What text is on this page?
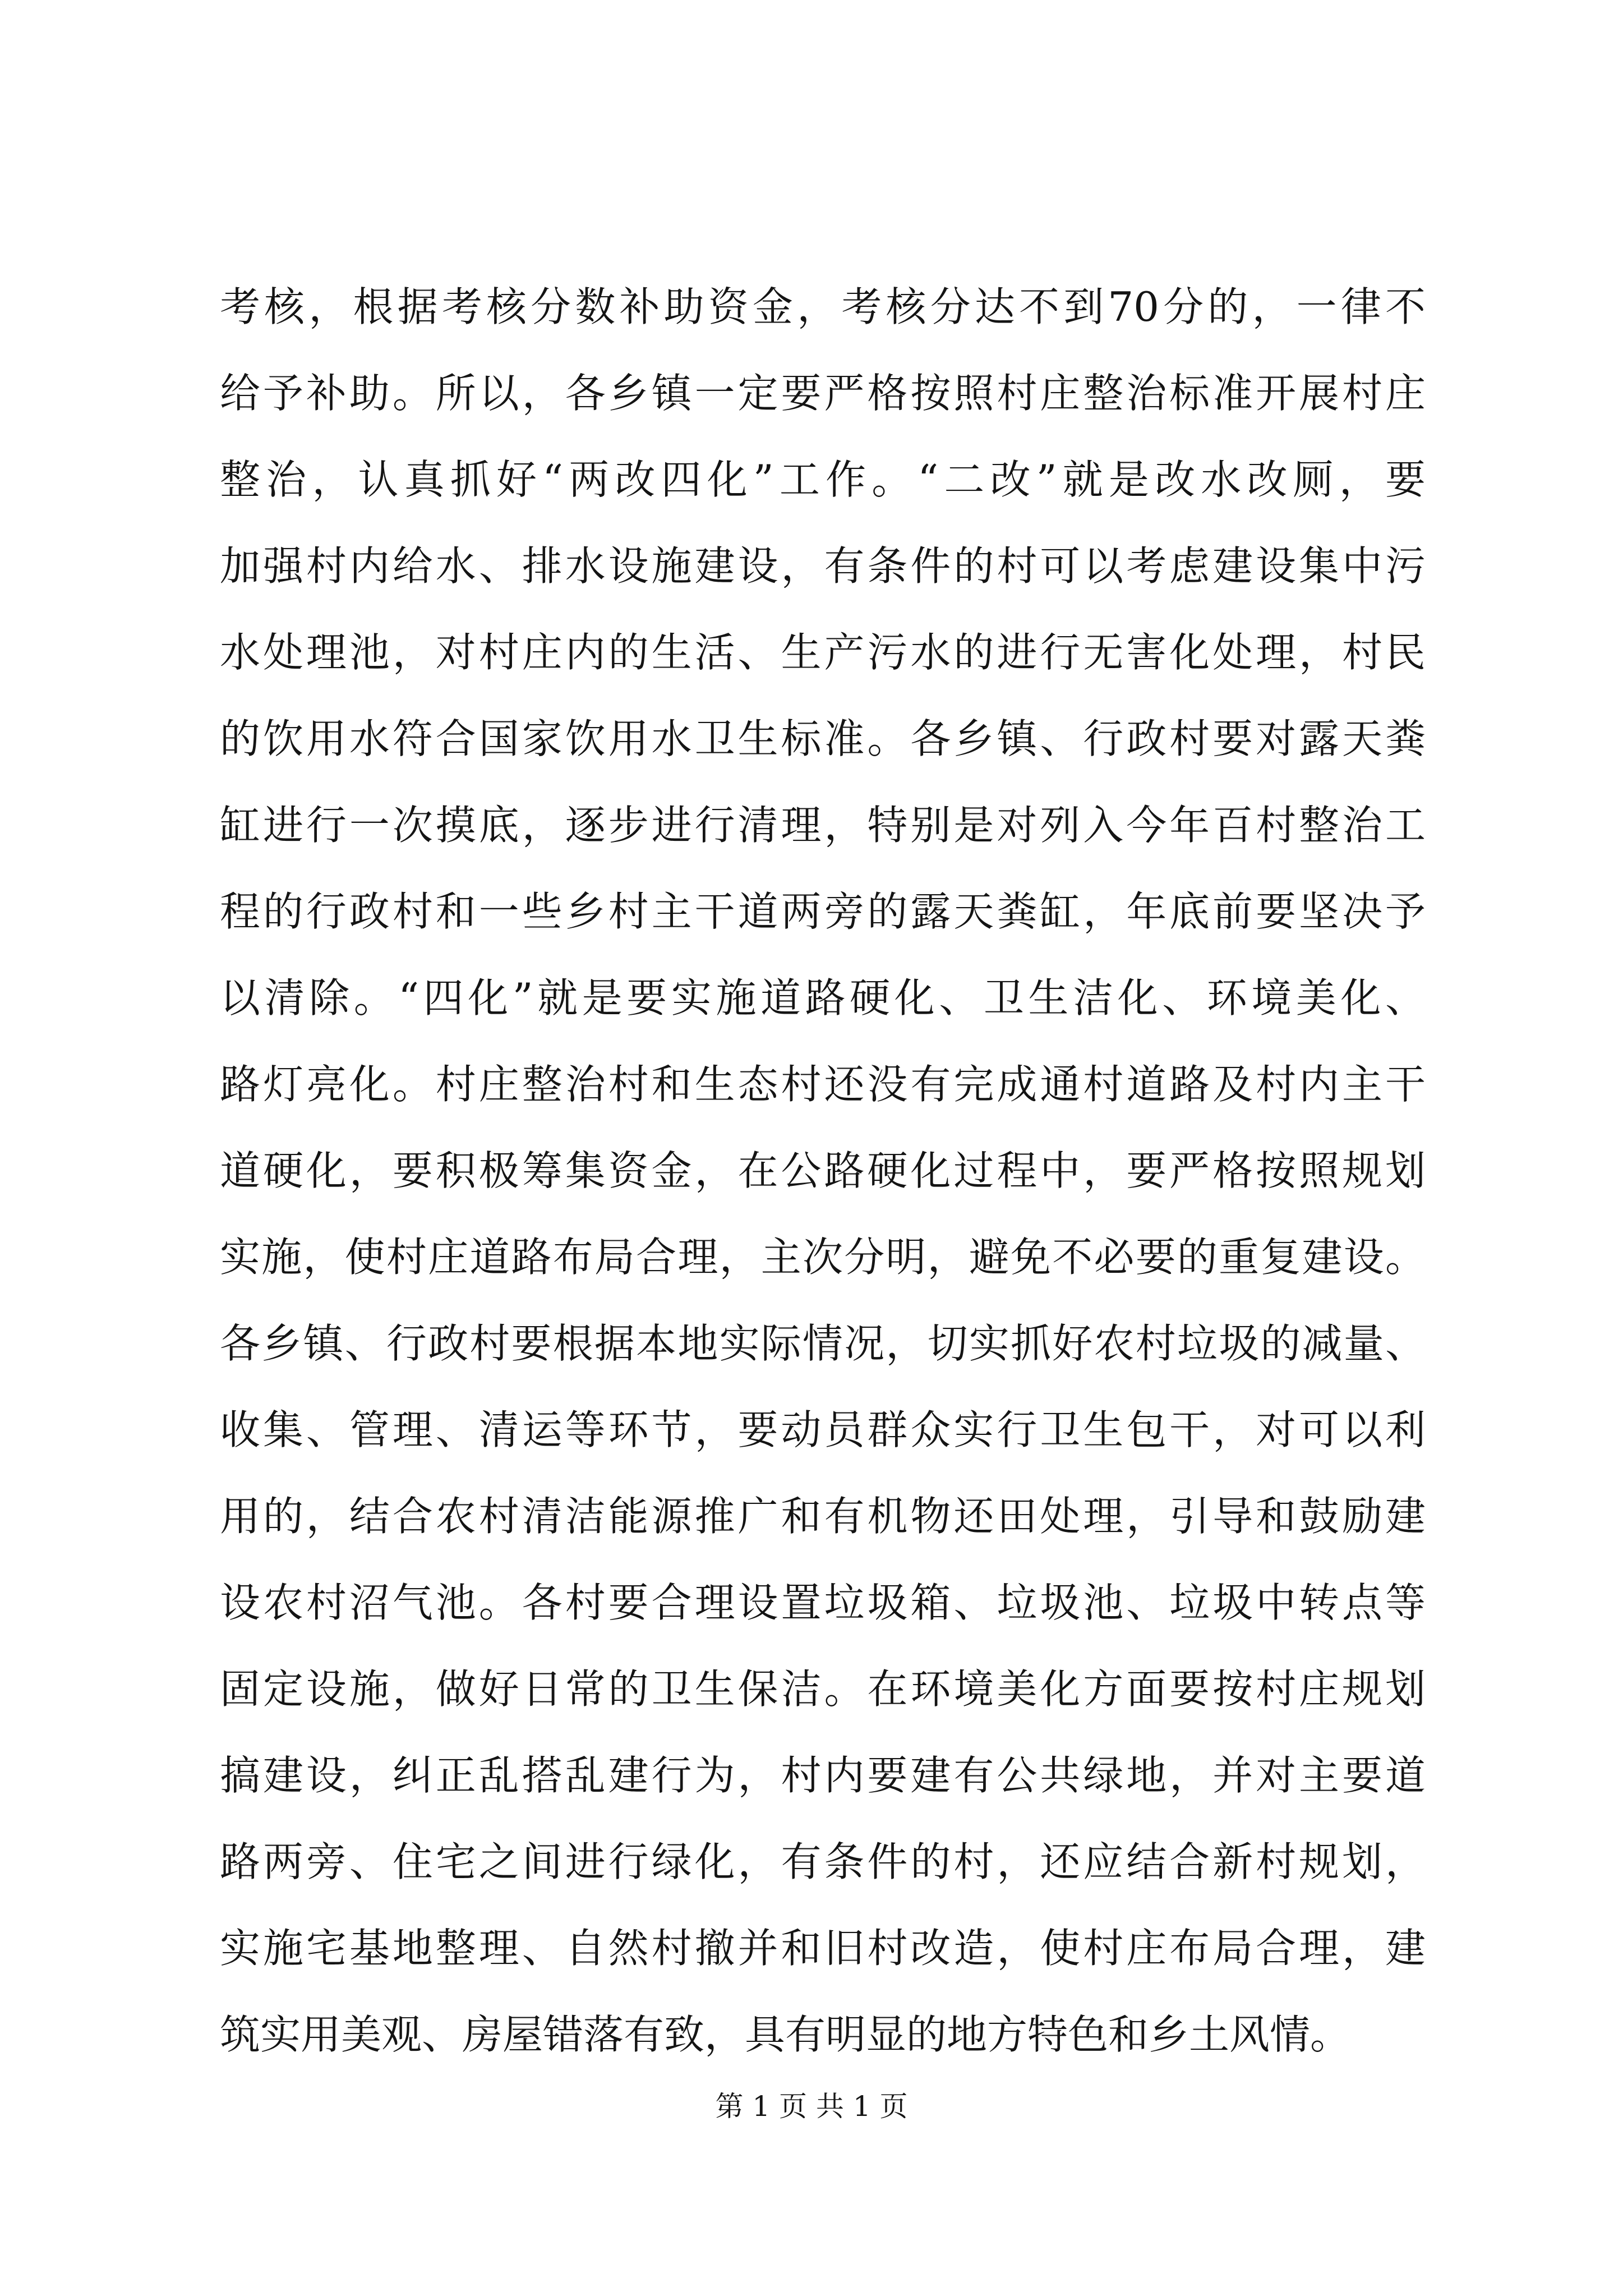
考核，根据考核分数补助资金，考核分达不到70分的，一律不
给予补助。所以，各乡镇一定要严格按照村庄整治标准开展村庄
整治，认真抓好“两改四化”工作。“二改”就是改水改厕，要
加强村内给水、排水设施建设，有条件的村可以考虑建设集中污
水处理池，对村庄内的生活、生产污水的进行无害化处理，村民
的饮用水符合国家饮用水卫生标准。各乡镇、行政村要对露天粪
缸进行一次摸底，逐步进行清理，特别是对列入今年百村整治工
程的行政村和一些乡村主干道两旁的露天粪缸，年底前要坚决予
以清除。“四化”就是要实施道路硬化、卫生洁化、环境美化、
路灯亮化。村庄整治村和生态村还没有完成通村道路及村内主干
道硬化，要积极筹集资金，在公路硬化过程中，要严格按照规划
实施，使村庄道路布局合理，主次分明，避免不必要的重复建设。
各乡镇、行政村要根据本地实际情况，切实抓好农村垃圾的减量、
收集、管理、清运等环节，要动员群众实行卫生包干，对可以利
用的，结合农村清洁能源推广和有机物还田处理，引导和鼓励建
设农村沼气池。各村要合理设置垃圾箱、垃圾池、垃圾中转点等
固定设施，做好日常的卫生保洁。在环境美化方面要按村庄规划
搞建设，纠正乱搭乱建行为，村内要建有公共绿地，并对主要道
路两旁、住宅之间进行绿化，有条件的村，还应结合新村规划，
实施宅基地整理、自然村撤并和旧村改造，使村庄布局合理，建
筑实用美观、房屋错落有致，具有明显的地方特色和乡土风情。
第 1 页 共 1 页
